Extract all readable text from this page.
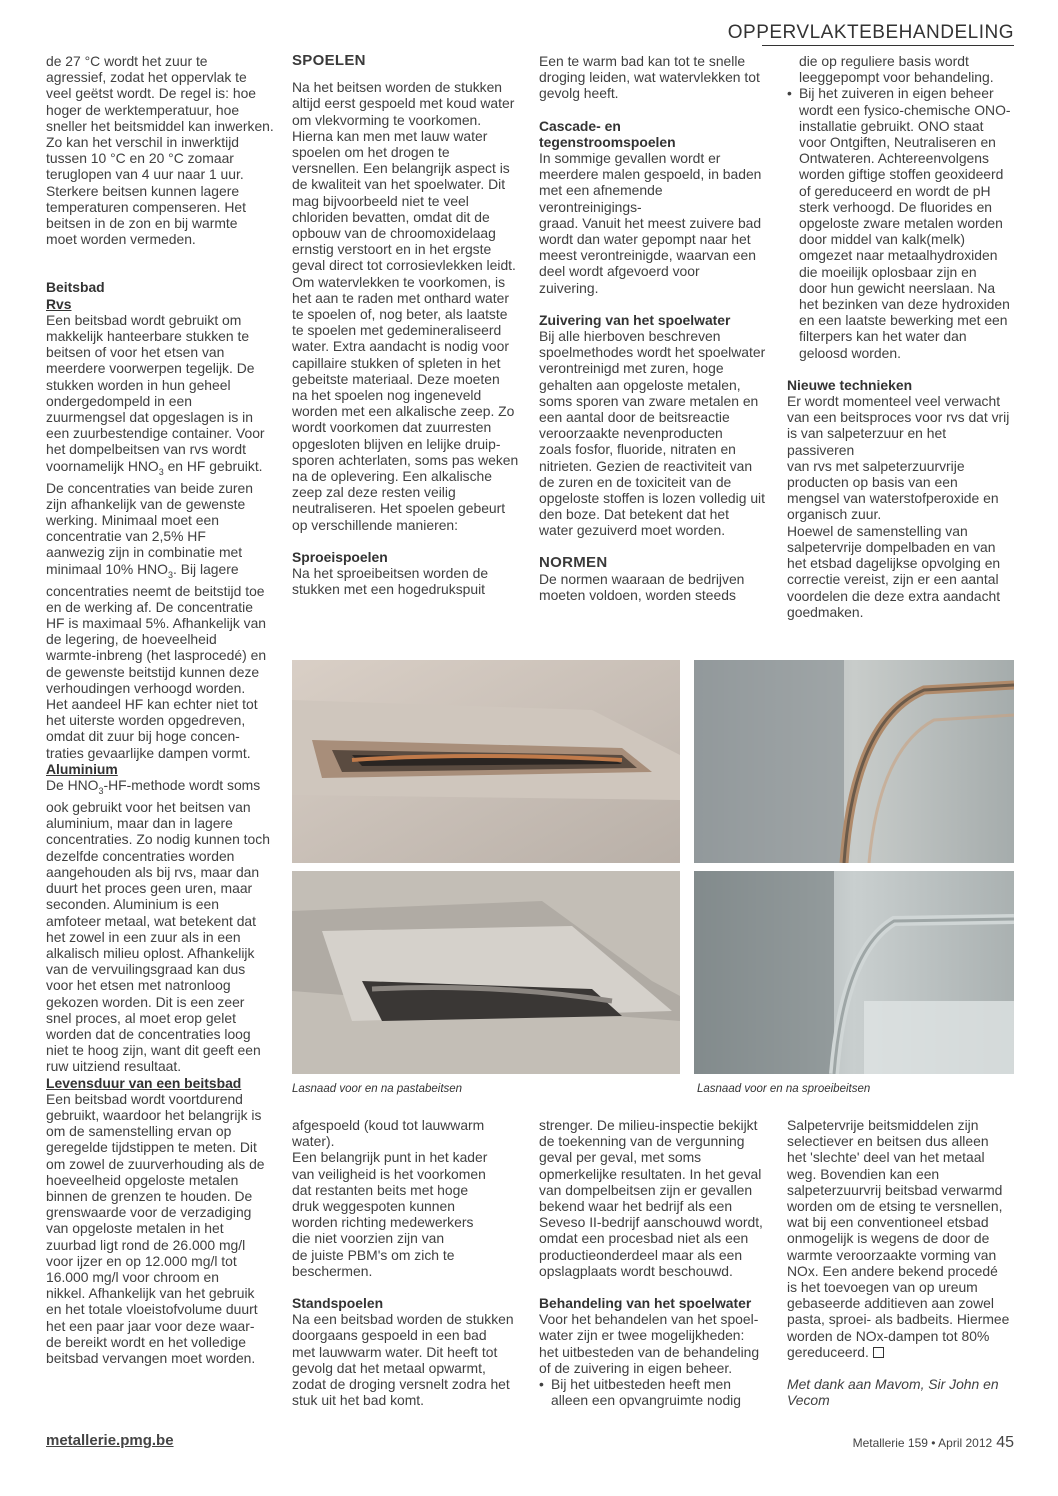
OPPERVLAKTEBEHANDELING
de 27 °C wordt het zuur te
agressief, zodat het oppervlak te
veel geëtst wordt. De regel is: hoe
hoger de werktemperatuur, hoe
sneller het beitsmiddel kan inwerken.
Zo kan het verschil in inwerktijd
tussen 10 °C en 20 °C zomaar
teruglopen van 4 uur naar 1 uur.
Sterkere beitsen kunnen lagere
temperaturen compenseren. Het
beitsen in de zon en bij warmte
moet worden vermeden.

Beitsbad

Rvs

Een beitsbad wordt gebruikt om
makkelijk hanteerbare stukken te
beitsen of voor het etsen van
meerdere voorwerpen tegelijk. De
stukken worden in hun geheel
ondergedompeld in een
zuurmengsel dat opgeslagen is in
een zuurbestendige container. Voor
het dompelbeitsen van rvs wordt

voornamelijk $HNO_3$ en HF gebruikt.

De concentraties van beide zuren
zijn afhankelijk van de gewenste
werking. Minimaal moet een
concentratie van 2,5% HF
aanwezig zijn in combinatie met

minimaal 10% $HNO_3$. Bij lagere

concentraties neemt de beitstijd toe
en de werking af. De concentratie
HF is maximaal 5%. Afhankelijk van
de legering, de hoeveelheid
warmte-inbreng (het lasprocedé) en
de gewenste beitstijd kunnen deze
verhoudingen verhoogd worden.
Het aandeel HF kan echter niet tot
het uiterste worden opgedreven,
omdat dit zuur bij hoge concen-
traties gevaarlijke dampen vormt.

Aluminium

De $HNO_3-HF$-methode wordt soms

ook gebruikt voor het beitsen van
aluminium, maar dan in lagere
concentraties. Zo nodig kunnen toch
dezelfde concentraties worden
aangehouden als bij rvs, maar dan
duurt het proces geen uren, maar
seconden. Aluminium is een
amfoteer metaal, wat betekent dat
het zowel in een zuur als in een
alkalisch milieu oplost. Afhankelijk
van de vervuilingsgraad kan dus
voor het etsen met natronloog
gekozen worden. Dit is een zeer
snel proces, al moet erop gelet
worden dat de concentraties loog
niet te hoog zijn, want dit geeft een
ruw uitziend resultaat.

Levensduur van een beitsbad

Een beitsbad wordt voortdurend
gebruikt, waardoor het belangrijk is
om de samenstelling ervan op
geregelde tijdstippen te meten. Dit
om zowel de zuurverhouding als de
hoeveelheid opgeloste metalen
binnen de grenzen te houden. De
grenswaarde voor de verzadiging
van opgeloste metalen in het
zuurbad ligt rond de 26.000 mg/l
voor ijzer en op 12.000 mg/l tot
16.000 mg/l voor chroom en
nikkel. Afhankelijk van het gebruik
en het totale vloeistofvolume duurt
het een paar jaar voor deze waar-
de bereikt wordt en het volledige
beitsbad vervangen moet worden.

SPOELEN

Na het beitsen worden de stukken
altijd eerst gespoeld met koud water
om vlekvorming te voorkomen.
Hierna kan men met lauw water
spoelen om het drogen te
versnellen. Een belangrijk aspect is
de kwaliteit van het spoelwater. Dit
mag bijvoorbeeld niet te veel
chloriden bevatten, omdat dit de
opbouw van de chroomoxidelaag
ernstig verstoort en in het ergste
geval direct tot corrosievlekken leidt.
Om watervlekken te voorkomen, is
het aan te raden met onthard water
te spoelen of, nog beter, als laatste
te spoelen met gedemineraliseerd
water. Extra aandacht is nodig voor
capillaire stukken of spleten in het
gebeitste materiaal. Deze moeten
na het spoelen nog ingeneveld
worden met een alkalische zeep. Zo
wordt voorkomen dat zuurresten
opgesloten blijven en lelijke druip-
sporen achterlaten, soms pas weken
na de oplevering. Een alkalische
zeep zal deze resten veilig
neutraliseren. Het spoelen gebeurt
op verschillende manieren:

Sproeispoelen

Na het sproeibeitsen worden de
stukken met een hogedrukspuit
Een te warm bad kan tot te snelle
droging leiden, wat watervlekken tot
gevolg heeft.
Cascade- en
tegenstroomspoelen
In sommige gevallen wordt er
meerdere malen gespoeld, in baden
met een afnemende verontreinigings-
graad. Vanuit het meest zuivere bad
wordt dan water gepompt naar het
meest verontreinigde, waarvan een
deel wordt afgevoerd voor
zuivering.

Zuivering van het spoelwater

Bij alle hierboven beschreven
spoelmethodes wordt het spoelwater
verontreinigd met zuren, hoge
gehalten aan opgeloste metalen,
soms sporen van zware metalen en
een aantal door de beitsreactie
veroorzaakte nevenproducten
zoals fosfor, fluoride, nitraten en
nitrieten. Gezien de reactiviteit van
de zuren en de toxiciteit van de
opgeloste stoffen is lozen volledig uit
den boze. Dat betekent dat het
water gezuiverd moet worden.

NORMEN

De normen waaraan de bedrijven
moeten voldoen, worden steeds
die op reguliere basis wordt
leeggepompt voor behandeling.

• Bij het zuiveren in eigen beheer

wordt een fysico-chemische ONO-
installatie gebruikt. ONO staat
voor Ontgiften, Neutraliseren en
Ontwateren. Achtereenvolgens
worden giftige stoffen geoxideerd
of gereduceerd en wordt de pH
sterk verhoogd. De fluorides en
opgeloste zware metalen worden
door middel van kalk(melk)
omgezet naar metaalhydroxiden
die moeilijk oplosbaar zijn en
door hun gewicht neerslaan. Na
het bezinken van deze hydroxiden
en een laatste bewerking met een
filterpers kan het water dan
geloosd worden.

Nieuwe technieken

Er wordt momenteel veel verwacht
van een beitsproces voor rvs dat vrij
is van salpeterzuur en het passiveren
van rvs met salpeterzuurvrije
producten op basis van een
mengsel van waterstofperoxide en
organisch zuur.
Hoewel de samenstelling van
salpetervrije dompelbaden en van
het etsbad dagelijkse opvolging en
correctie vereist, zijn er een aantal
voordelen die deze extra aandacht
goedmaken.
Lasnaad voor en na pastabeitsen	Lasnaad voor en na sproeibeitsen
afgespoeld (koud tot lauwwarm
water).
Een belangrijk punt in het kader
van veiligheid is het voorkomen
dat restanten beits met hoge
druk weggespoten kunnen
worden richting medewerkers
die niet voorzien zijn van
de juiste PBM's om zich te
beschermen.

Standspoelen

Na een beitsbad worden de stukken
doorgaans gespoeld in een bad
met lauwwarm water. Dit heeft tot
gevolg dat het metaal opwarmt,
zodat de droging versnelt zodra het
stuk uit het bad komt.
strenger. De milieu-inspectie bekijkt
de toekenning van de vergunning
geval per geval, met soms
opmerkelijke resultaten. In het geval
van dompelbeitsen zijn er gevallen
bekend waar het bedrijf als een
Seveso II-bedrijf aanschouwd wordt,
omdat een procesbad niet als een
productieonderdeel maar als een
opslagplaats wordt beschouwd.

Behandeling van het spoelwater

Voor het behandelen van het spoel-
water zijn er twee mogelijkheden:
het uitbesteden van de behandeling
of de zuivering in eigen beheer.

• Bij het uitbesteden heeft men

alleen een opvangruimte nodig
Salpetervrije beitsmiddelen zijn
selectiever en beitsen dus alleen
het 'slechte' deel van het metaal
weg. Bovendien kan een
salpeterzuurvrij beitsbad verwarmd
worden om de etsing te versnellen,
wat bij een conventioneel etsbad
onmogelijk is wegens de door de
warmte veroorzaakte vorming van
NOx. Een andere bekend procedé
is het toevoegen van op ureum
gebaseerde additieven aan zowel
pasta, sproei- als badbeits. Hiermee
worden de NOx-dampen tot 80%

gereduceerd.

Met dank aan Mavom, Sir John en
Vecom
metallerie.pmg.be	Metallerie 159 • April 2012 45
